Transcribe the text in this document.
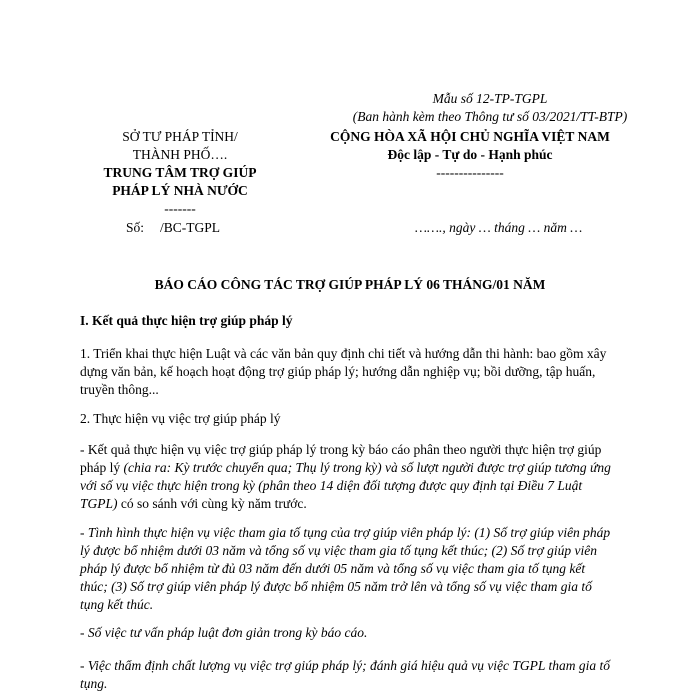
Mẫu số 12-TP-TGPL
(Ban hành kèm theo Thông tư số 03/2021/TT-BTP)
SỞ TƯ PHÁP TỈNH/
THÀNH PHỐ….
TRUNG TÂM TRỢ GIÚP
PHÁP LÝ NHÀ NƯỚC
-------
CỘNG HÒA XÃ HỘI CHỦ NGHĨA VIỆT NAM
Độc lập - Tự do - Hạnh phúc
---------------
Số: /BC-TGPL	……., ngày … tháng … năm …
BÁO CÁO CÔNG TÁC TRỢ GIÚP PHÁP LÝ 06 THÁNG/01 NĂM
I. Kết quả thực hiện trợ giúp pháp lý
1. Triển khai thực hiện Luật và các văn bản quy định chi tiết và hướng dẫn thi hành: bao gồm xây dựng văn bản, kế hoạch hoạt động trợ giúp pháp lý; hướng dẫn nghiệp vụ; bồi dưỡng, tập huấn, truyền thông...
2. Thực hiện vụ việc trợ giúp pháp lý
- Kết quả thực hiện vụ việc trợ giúp pháp lý trong kỳ báo cáo phân theo người thực hiện trợ giúp pháp lý (chia ra: Kỳ trước chuyển qua; Thụ lý trong kỳ) và số lượt người được trợ giúp tương ứng với số vụ việc thực hiện trong kỳ (phân theo 14 diện đối tượng được quy định tại Điều 7 Luật TGPL) có so sánh với cùng kỳ năm trước.
- Tình hình thực hiện vụ việc tham gia tố tụng của trợ giúp viên pháp lý: (1) Số trợ giúp viên pháp lý được bổ nhiệm dưới 03 năm và tổng số vụ việc tham gia tố tụng kết thúc; (2) Số trợ giúp viên pháp lý được bổ nhiệm từ đủ 03 năm đến dưới 05 năm và tổng số vụ việc tham gia tố tụng kết thúc; (3) Số trợ giúp viên pháp lý được bổ nhiệm 05 năm trở lên và tổng số vụ việc tham gia tố tụng kết thúc.
- Số việc tư vấn pháp luật đơn giản trong kỳ báo cáo.
- Việc thẩm định chất lượng vụ việc trợ giúp pháp lý; đánh giá hiệu quả vụ việc TGPL tham gia tố tụng.
